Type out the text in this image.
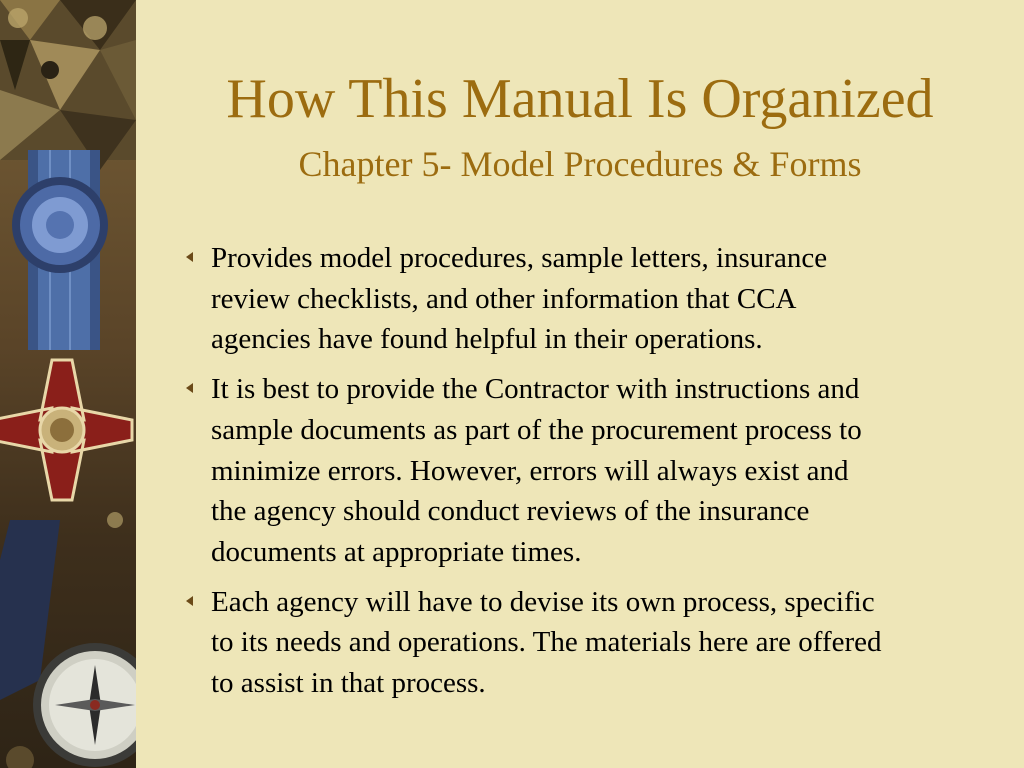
How This Manual Is Organized
Chapter 5- Model Procedures & Forms
Provides model procedures, sample letters, insurance
review checklists, and other information that CCA
agencies have found helpful in their operations.
It is best to provide the Contractor with instructions and
sample documents as part of the procurement process to
minimize errors. However, errors will always exist and
the agency should conduct reviews of the insurance
documents at appropriate times.
Each agency will have to devise its own process, specific
to its needs and operations. The materials here are offered
to assist in that process.
